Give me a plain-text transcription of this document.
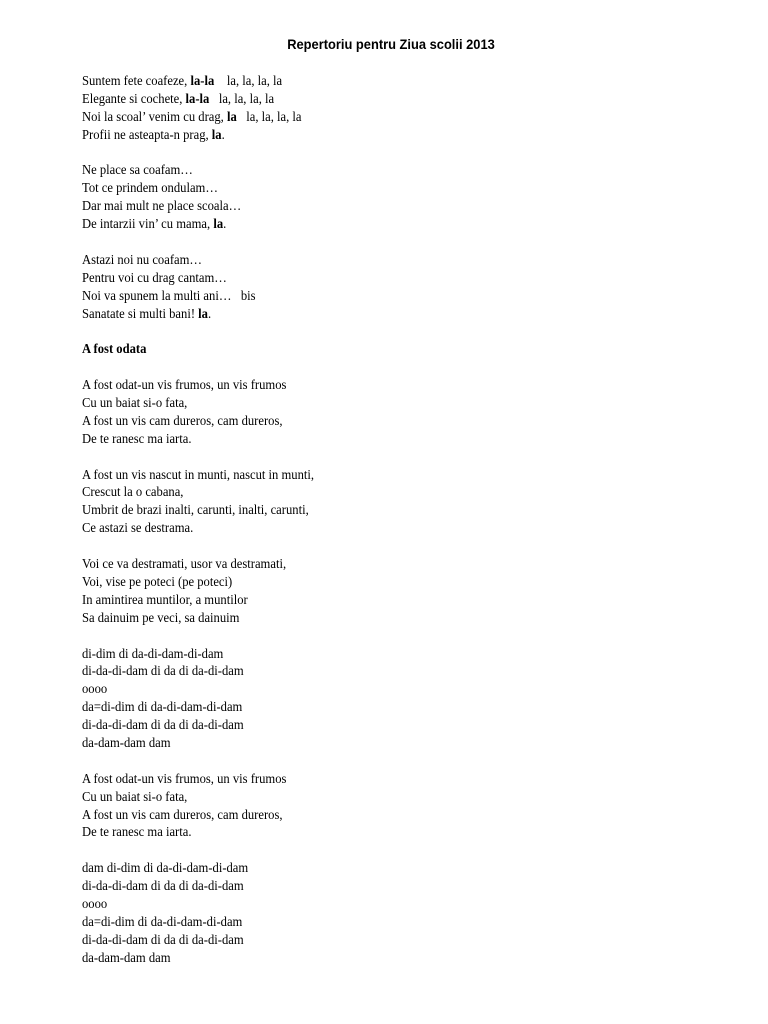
Repertoriu pentru Ziua scolii 2013
Suntem fete coafeze, la-la    la, la, la, la
Elegante si cochete, la-la   la, la, la, la
Noi la scoal’ venim cu drag, la   la, la, la, la
Profii ne asteapta-n prag, la.
Ne place sa coafam…
Tot ce prindem ondulam…
Dar mai mult ne place scoala…
De intarzii vin’ cu mama, la.
Astazi noi nu coafam…
Pentru voi cu drag cantam…
Noi va spunem la multi ani…   bis
Sanatate si multi bani! la.
A fost odata
A fost odat-un vis frumos, un vis frumos
Cu un baiat si-o fata,
A fost un vis cam dureros, cam dureros,
De te ranesc ma iarta.
A fost un vis nascut in munti, nascut in munti,
Crescut la o cabana,
Umbrit de brazi inalti, carunti, inalti, carunti,
Ce astazi se destrama.
Voi ce va destramati, usor va destramati,
Voi, vise pe poteci (pe poteci)
In amintirea muntilor, a muntilor
Sa dainuim pe veci, sa dainuim
di-dim di da-di-dam-di-dam
di-da-di-dam di da di da-di-dam
oooo
da=di-dim di da-di-dam-di-dam
di-da-di-dam di da di da-di-dam
da-dam-dam dam
A fost odat-un vis frumos, un vis frumos
Cu un baiat si-o fata,
A fost un vis cam dureros, cam dureros,
De te ranesc ma iarta.
dam di-dim di da-di-dam-di-dam
di-da-di-dam di da di da-di-dam
oooo
da=di-dim di da-di-dam-di-dam
di-da-di-dam di da di da-di-dam
da-dam-dam dam
